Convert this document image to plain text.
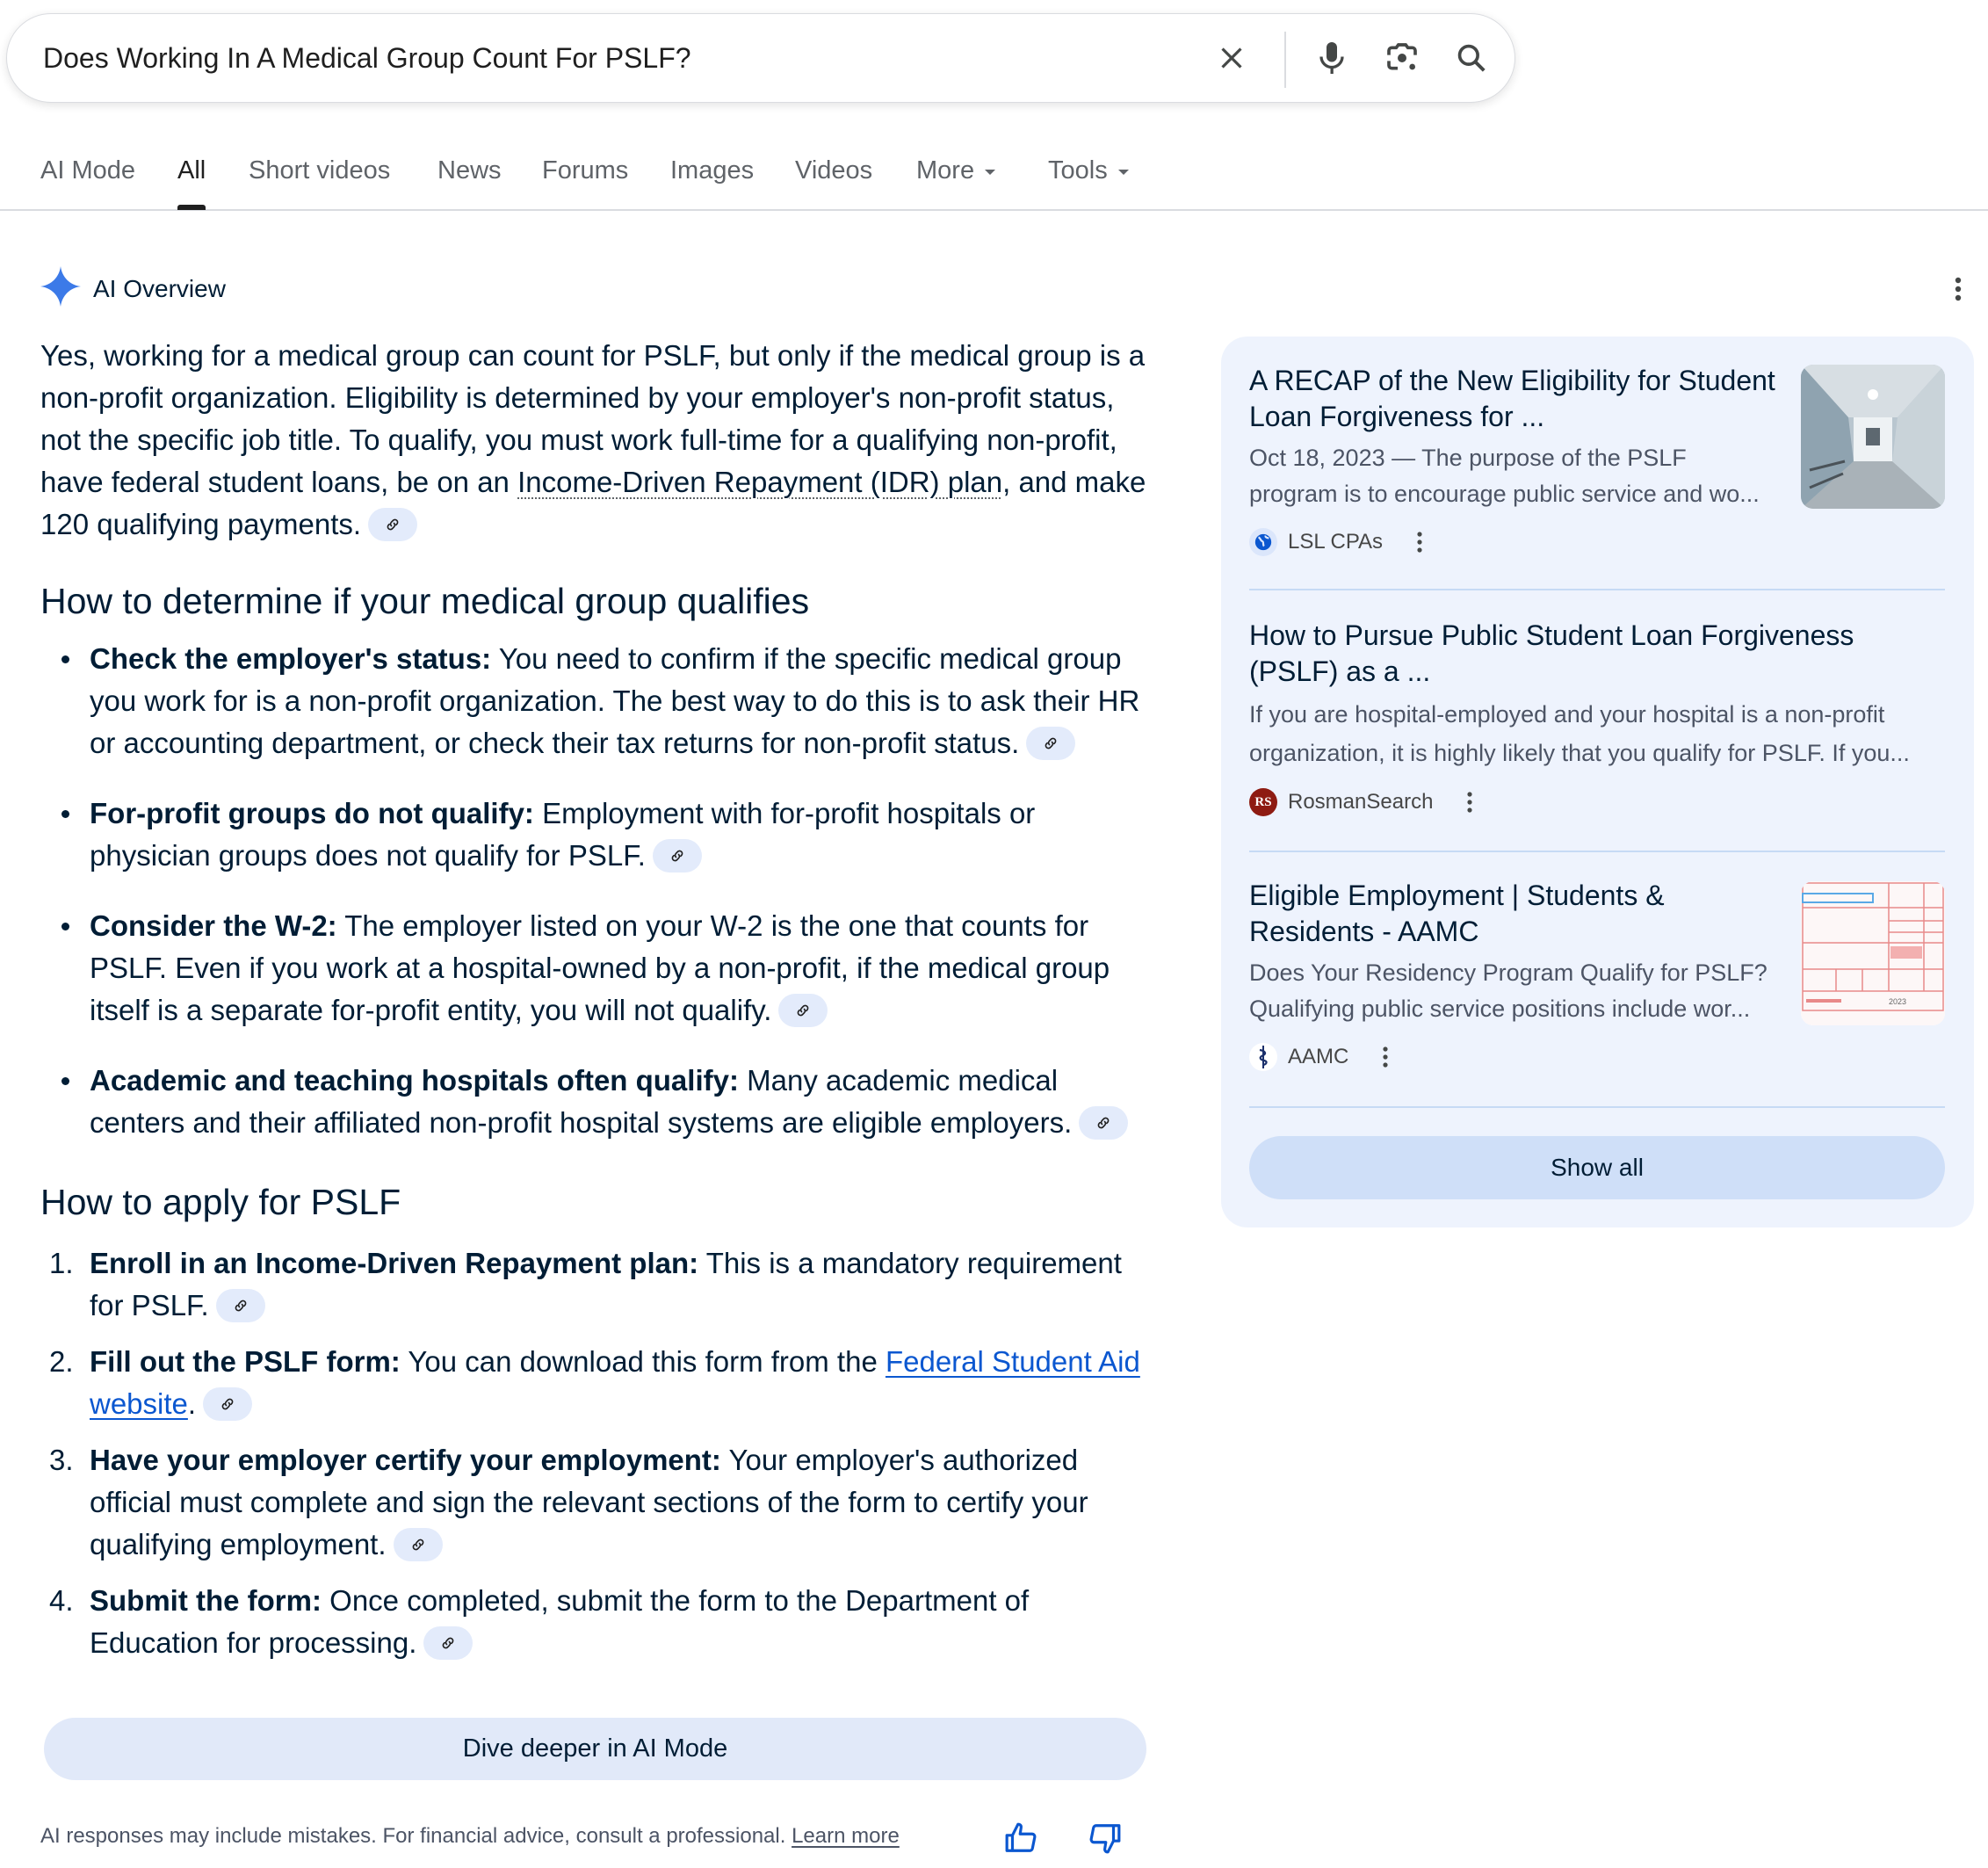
Does Working In A Medical Group Count For PSLF?
AI Mode All Short videos News Forums Images Videos More	Tools
AI Overview

Yes, working for a medical group can count for PSLF, but only if the medical group is a non-profit organization. Eligibility is determined by your employer's non-profit status, not the specific job title. To qualify, you must work full-time for a qualifying non-profit, have federal student loans, be on an Income-Driven Repayment (IDR) plan, and make 120 qualifying payments.

How to determine if your medical group qualifies
Check the employer's status: You need to confirm if the specific medical group you work for is a non-profit organization. The best way to do this is to ask their HR or accounting department, or check their tax returns for non-profit status.
For-profit groups do not qualify: Employment with for-profit hospitals or physician groups does not qualify for PSLF.
Consider the W-2: The employer listed on your W-2 is the one that counts for PSLF. Even if you work at a hospital-owned by a non-profit, if the medical group itself is a separate for-profit entity, you will not qualify.
Academic and teaching hospitals often qualify: Many academic medical centers and their affiliated non-profit hospital systems are eligible employers.
How to apply for PSLF
1. Enroll in an Income-Driven Repayment plan: This is a mandatory requirement for PSLF.
2. Fill out the PSLF form: You can download this form from the Federal Student Aid website.
3. Have your employer certify your employment: Your employer's authorized official must complete and sign the relevant sections of the form to certify your qualifying employment.
4. Submit the form: Once completed, submit the form to the Department of Education for processing.
Dive deeper in AI Mode
AI responses may include mistakes. For financial advice, consult a professional. Learn more
A RECAP of the New Eligibility for Student Loan Forgiveness for ...
Oct 18, 2023 — The purpose of the PSLF program is to encourage public service and wo...
LSL CPAs
How to Pursue Public Student Loan Forgiveness (PSLF) as a ...
If you are hospital-employed and your hospital is a non-profit organization, it is highly likely that you qualify for PSLF. If you...
RS RosmanSearch
Eligible Employment | Students & Residents - AAMC
Does Your Residency Program Qualify for PSLF? Qualifying public service positions include wor...	2023
AAMC
Show all
